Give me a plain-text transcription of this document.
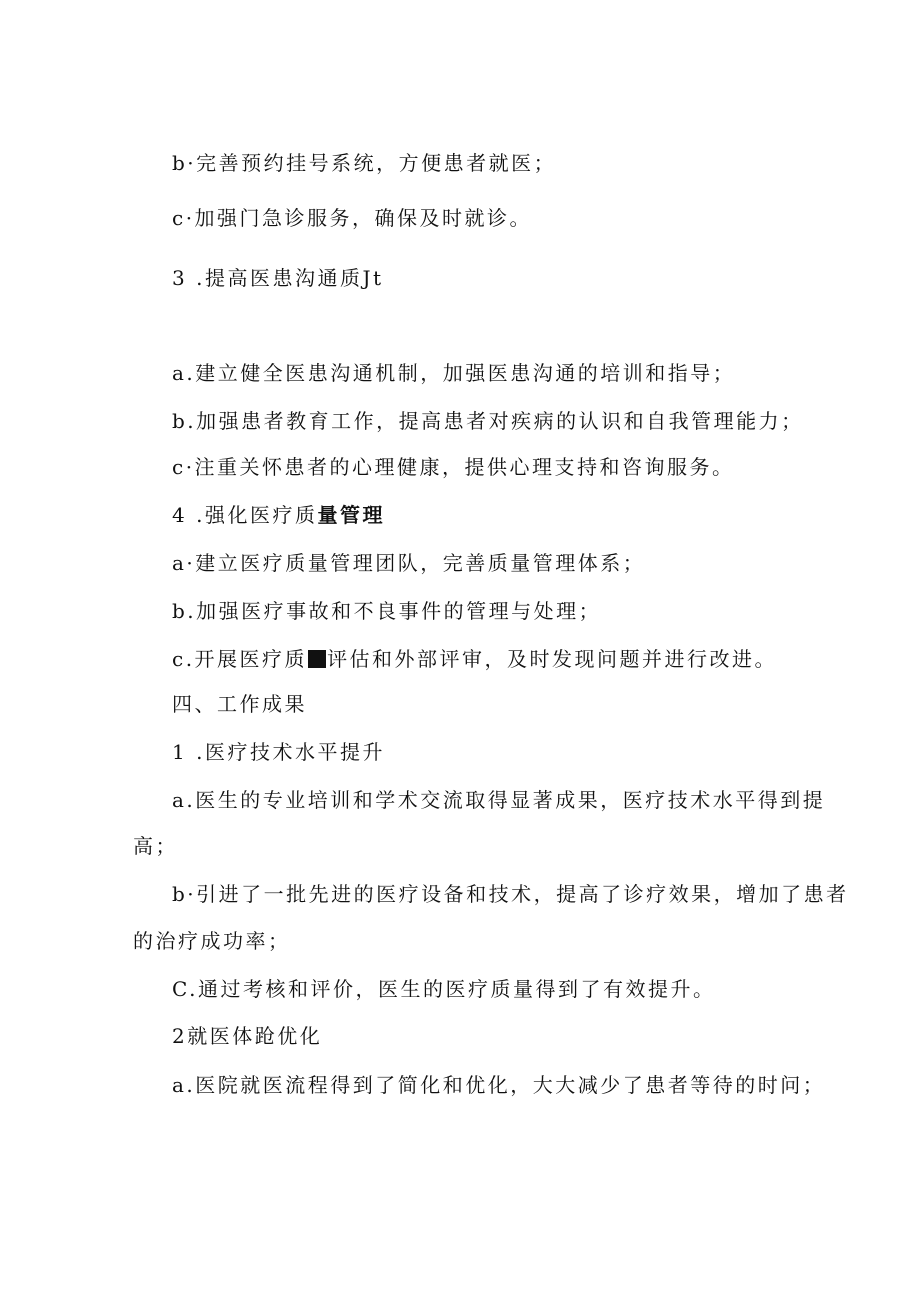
b·完善预约挂号系统，方便患者就医；
c·加强门急诊服务，确保及时就诊。
3 .提高医患沟通质Jt
a.建立健全医患沟通机制，加强医患沟通的培训和指导；
b.加强患者教育工作，提高患者对疾病的认识和自我管理能力；
c·注重关怀患者的心理健康，提供心理支持和咨询服务。
4 .强化医疗质量管理
a·建立医疗质量管理团队，完善质量管理体系；
b.加强医疗事故和不良事件的管理与处理；
c.开展医疗质 评估和外部评审，及时发现问题并进行改进。
四、工作成果
1 .医疗技术水平提升
a.医生的专业培训和学术交流取得显著成果，医疗技术水平得到提
高；
b·引进了一批先进的医疗设备和技术，提高了诊疗效果，增加了患者
的治疗成功率；
C.通过考核和评价，医生的医疗质量得到了有效提升。
2就医体跄优化
a.医院就医流程得到了简化和优化，大大减少了患者等待的时问；
